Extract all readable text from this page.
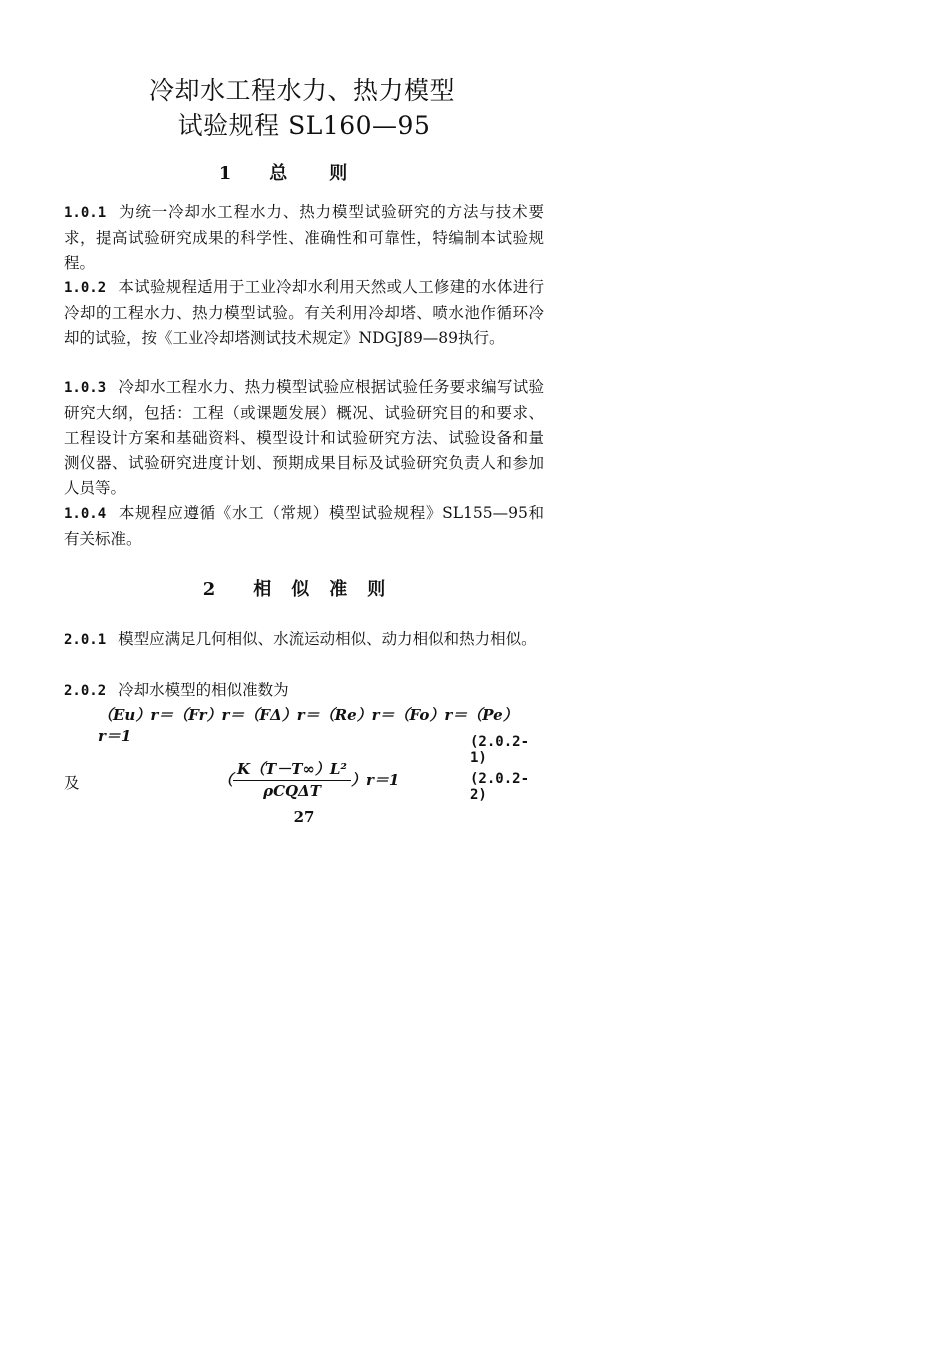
冷却水工程水力、热力模型
试验规程 SL160—95
1 总则
1.0.1 为统一冷却水工程水力、热力模型试验研究的方法与技术要求，提高试验研究成果的科学性、准确性和可靠性，特编制本试验规程。
1.0.2 本试验规程适用于工业冷却水利用天然或人工修建的水体进行冷却的工程水力、热力模型试验。有关利用冷却塔、喷水池作循环冷却的试验，按《工业冷却塔测试技术规定》NDGJ89—89执行。
1.0.3 冷却水工程水力、热力模型试验应根据试验任务要求编写试验研究大纲，包括：工程（或课题发展）概况、试验研究目的和要求、工程设计方案和基础资料、模型设计和试验研究方法、试验设备和量测仪器、试验研究进度计划、预期成果目标及试验研究负责人和参加人员等。
1.0.4 本规程应遵循《水工（常规）模型试验规程》SL155—95和有关标准。
2 相似准则
2.0.1 模型应满足几何相似、水流运动相似、动力相似和热力相似。
2.0.2 冷却水模型的相似准数为
（Eu）r＝（Fr）r＝（FΔ）r＝（Re）r＝（Fo）r＝（Pe）r＝1	(2.0.2-1)
及	（ $\frac{\text{K（T－T∞）L²}}{\text{ρCQΔT}} )r=1$	(2.0.2-2)
27
